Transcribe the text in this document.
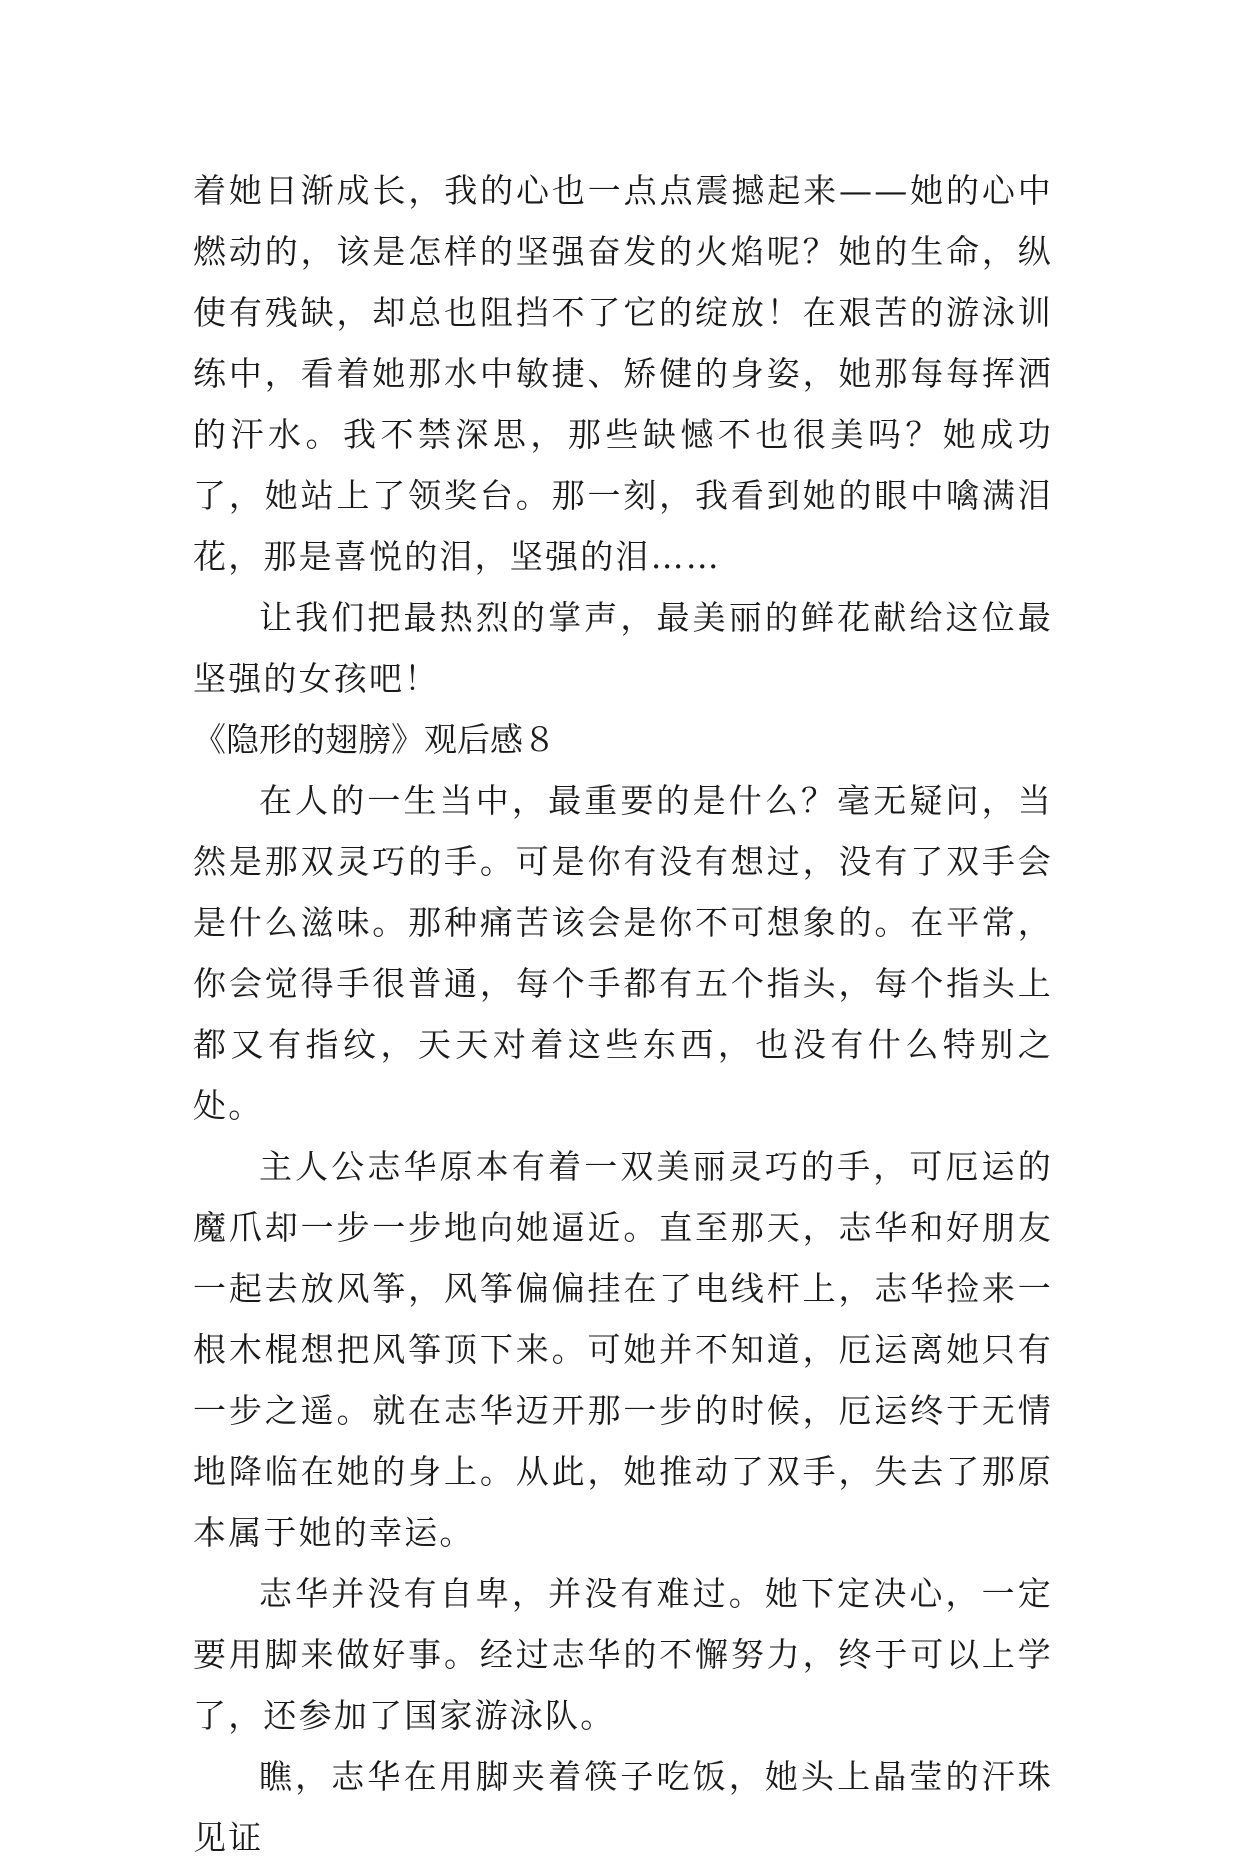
着她日渐成长，我的心也一点点震撼起来——她的心中燃动的，该是怎样的坚强奋发的火焰呢？她的生命，纵使有残缺，却总也阻挡不了它的绽放！在艰苦的游泳训练中，看着她那水中敏捷、矫健的身姿，她那每每挥洒的汗水。我不禁深思，那些缺憾不也很美吗？她成功了，她站上了领奖台。那一刻，我看到她的眼中噙满泪花，那是喜悦的泪，坚强的泪……

让我们把最热烈的掌声，最美丽的鲜花献给这位最坚强的女孩吧！

《隐形的翅膀》观后感８

在人的一生当中，最重要的是什么？毫无疑问，当然是那双灵巧的手。可是你有没有想过，没有了双手会是什么滋味。那种痛苦该会是你不可想象的。在平常，你会觉得手很普通，每个手都有五个指头，每个指头上都又有指纹，天天对着这些东西，也没有什么特别之处。

主人公志华原本有着一双美丽灵巧的手，可厄运的魔爪却一步一步地向她逼近。直至那天，志华和好朋友一起去放风筝，风筝偏偏挂在了电线杆上，志华捡来一根木棍想把风筝顶下来。可她并不知道，厄运离她只有一步之遥。就在志华迈开那一步的时候，厄运终于无情地降临在她的身上。从此，她推动了双手，失去了那原本属于她的幸运。

志华并没有自卑，并没有难过。她下定决心，一定要用脚来做好事。经过志华的不懈努力，终于可以上学了，还参加了国家游泳队。

瞧，志华在用脚夹着筷子吃饭，她头上晶莹的汗珠见证
